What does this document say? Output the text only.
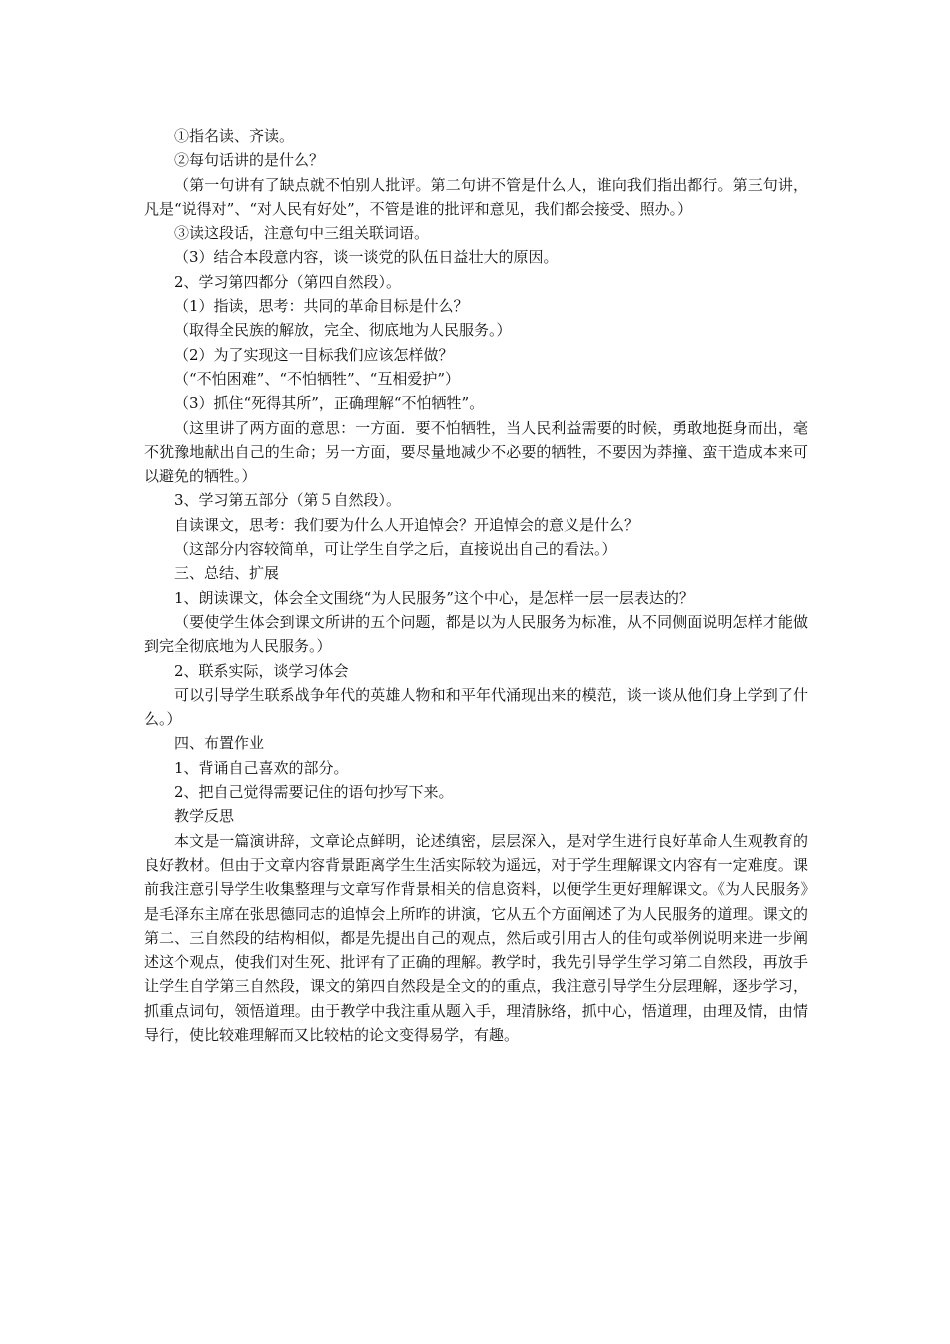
①指名读、齐读。

②每句话讲的是什么？

（第一句讲有了缺点就不怕别人批评。第二句讲不管是什么人，谁向我们指出都行。第三句讲，凡是“说得对”、“对人民有好处”，不管是谁的批评和意见，我们都会接受、照办。）

③读这段话，注意句中三组关联词语。

（3）结合本段意内容，谈一谈党的队伍日益壮大的原因。

2、学习第四都分（第四自然段）。

（1）指读，思考：共同的革命目标是什么？

（取得全民族的解放，完全、彻底地为人民服务。）

（2）为了实现这一目标我们应该怎样做？

（“不怕困难”、“不怕牺牲”、“互相爱护”）

（3）抓住“死得其所”，正确理解“不怕牺牲”。

（这里讲了两方面的意思：一方面．要不怕牺牲，当人民利益需要的时候，勇敢地挺身而出，毫不犹豫地献出自己的生命；另一方面，要尽量地减少不必要的牺牲，不要因为莽撞、蛮干造成本来可以避免的牺牲。）

3、学习第五部分（第５自然段）。

自读课文，思考：我们要为什么人开追悼会？开追悼会的意义是什么？

（这部分内容较简单，可让学生自学之后，直接说出自己的看法。）

三、总结、扩展

1、朗读课文，体会全文围绕“为人民服务”这个中心，是怎样一层一层表达的？

（要使学生体会到课文所讲的五个问题，都是以为人民服务为标准，从不同侧面说明怎样才能做到完全彻底地为人民服务。）

2、联系实际，谈学习体会

可以引导学生联系战争年代的英雄人物和和平年代涌现出来的模范，谈一谈从他们身上学到了什么。）

四、布置作业

1、背诵自己喜欢的部分。

2、把自己觉得需要记住的语句抄写下来。

教学反思

本文是一篇演讲辞，文章论点鲜明，论述缜密，层层深入，是对学生进行良好革命人生观教育的良好教材。但由于文章内容背景距离学生生活实际较为遥远，对于学生理解课文内容有一定难度。课前我注意引导学生收集整理与文章写作背景相关的信息资料，以便学生更好理解课文。《为人民服务》是毛泽东主席在张思德同志的追悼会上所昨的讲演，它从五个方面阐述了为人民服务的道理。课文的第二、三自然段的结构相似，都是先提出自己的观点，然后或引用古人的佳句或举例说明来进一步阐述这个观点，使我们对生死、批评有了正确的理解。教学时，我先引导学生学习第二自然段，再放手让学生自学第三自然段，课文的第四自然段是全文的的重点，我注意引导学生分层理解，逐步学习，抓重点词句，领悟道理。由于教学中我注重从题入手，理清脉络，抓中心，悟道理，由理及情，由情导行，使比较难理解而又比较枯的论文变得易学，有趣。
